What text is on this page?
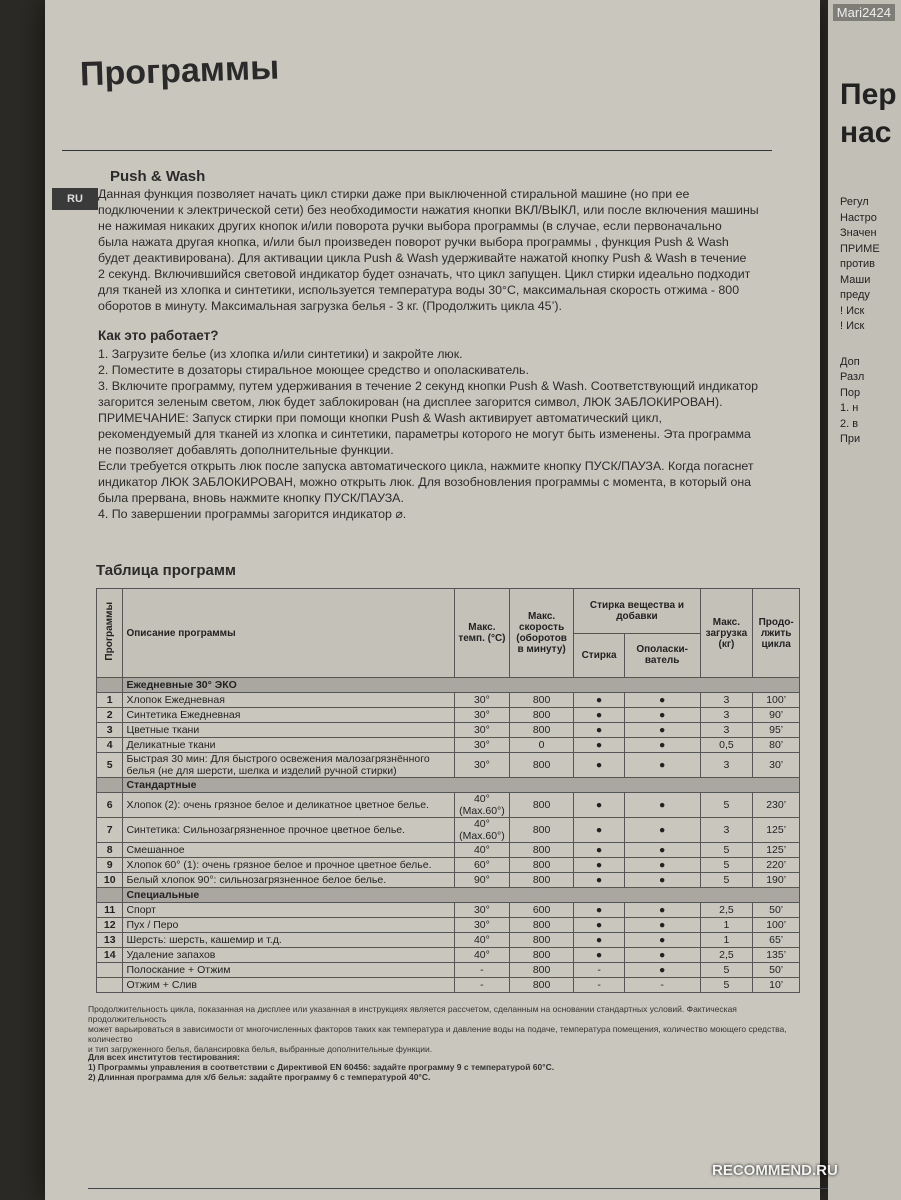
Пер
нас
Регул
Настро
Значен
ПРИМЕ
против
Маши
преду
! Иск
! Иск
Доп
Разл
Пор
1. н
2. в
При
Mari2424
Программы
RU
Push & Wash

Данная функция позволяет начать цикл стирки даже при выключенной стиральной машине (но при ее

подключении к электрической сети) без необходимости нажатия кнопки ВКЛ/ВЫКЛ, или после включения машины

не нажимая никаких других кнопок и/или поворота ручки выбора программы (в случае, если первоначально

была нажата другая кнопка, и/или был произведен поворот ручки выбора программы , функция Push & Wash

будет деактивирована). Для активации цикла Push & Wash удерживайте нажатой кнопку Push & Wash в течение

2 секунд. Включившийся световой индикатор будет означать, что цикл запущен. Цикл стирки идеально подходит

для тканей из хлопка и синтетики, используется температура воды 30°C, максимальная скорость отжима - 800

оборотов в минуту. Максимальная загрузка белья - 3 кг. (Продолжить цикла 45’).

Как это работает?

1. Загрузите белье (из хлопка и/или синтетики) и закройте люк.

2. Поместите в дозаторы стиральное моющее средство и ополаскиватель.

3. Включите программу, путем удерживания в течение 2 секунд кнопки Push & Wash. Соответствующий индикатор

загорится зеленым светом, люк будет заблокирован (на дисплее загорится символ, ЛЮК ЗАБЛОКИРОВАН).

ПРИМЕЧАНИЕ: Запуск стирки при помощи кнопки Push & Wash активирует автоматический цикл,

рекомендуемый для тканей из хлопка и синтетики, параметры которого не могут быть изменены. Эта программа

не позволяет добавлять дополнительные функции.

Если требуется открыть люк после запуска автоматического цикла, нажмите кнопку ПУСК/ПАУЗА. Когда погаснет

индикатор ЛЮК ЗАБЛОКИРОВАН, можно открыть люк. Для возобновления программы с момента, в который она

была прервана, вновь нажмите кнопку ПУСК/ПАУЗА.

4. По завершении программы загорится индикатор ⌀.

Таблица программ
Программы	Описание программы	Макс. темп. (°C)	Макс. скорость (оборотов в минуту)	Стирка вещества и добавки		Макс. загрузка (кг)	Продо-лжить цикла
				Стирка	Ополаски-ватель		
	Ежедневные 30° ЭКО						
1	Хлопок Ежедневная	30°	800	●	●	3	100’
2	Синтетика Ежедневная	30°	800	●	●	3	90’
3	Цветные ткани	30°	800	●	●	3	95’
4	Деликатные ткани	30°	0	●	●	0,5	80’
5	Быстрая 30 мин: Для быстрого освежения малозагрязнённого белья (не для шерсти, шелка и изделий ручной стирки)	30°	800	●	●	3	30’
	Стандартные						
6	Хлопок (2): очень грязное белое и деликатное цветное белье.	40° (Max.60°)	800	●	●	5	230’
7	Синтетика: Сильнозагрязненное прочное цветное белье.	40° (Max.60°)	800	●	●	3	125’
8	Смешанное	40°	800	●	●	5	125’
9	Хлопок 60° (1): очень грязное белое и прочное цветное белье.	60°	800	●	●	5	220’
10	Белый хлопок 90°: сильнозагрязненное белое белье.	90°	800	●	●	5	190’
	Специальные						
11	Спорт	30°	600	●	●	2,5	50’
12	Пух / Перо	30°	800	●	●	1	100’
13	Шерсть: шерсть, кашемир и т.д.	40°	800	●	●	1	65’
14	Удаление запахов	40°	800	●	●	2,5	135’
	Полоскание + Отжим	-	800	-	●	5	50’
	Отжим + Слив	-	800	-	-	5	10’

Продолжительность цикла, показанная на дисплее или указанная в инструкциях является рассчетом, сделанным на основании стандартных условий. Фактическая продолжительность

может варьироваться в зависимости от многочисленных факторов таких как температура и давление воды на подаче, температура помещения, количество моющего средства, количество

и тип загруженного белья, балансировка белья, выбранные дополнительные функции.

Для всех институтов тестирования:

1) Программы управления в соответствии с Директивой EN 60456: задайте программу 9 с температурой 60°C.

2) Длинная программа для х/б белья: задайте программу 6 с температурой 40°C.

RECOMMEND.RU
